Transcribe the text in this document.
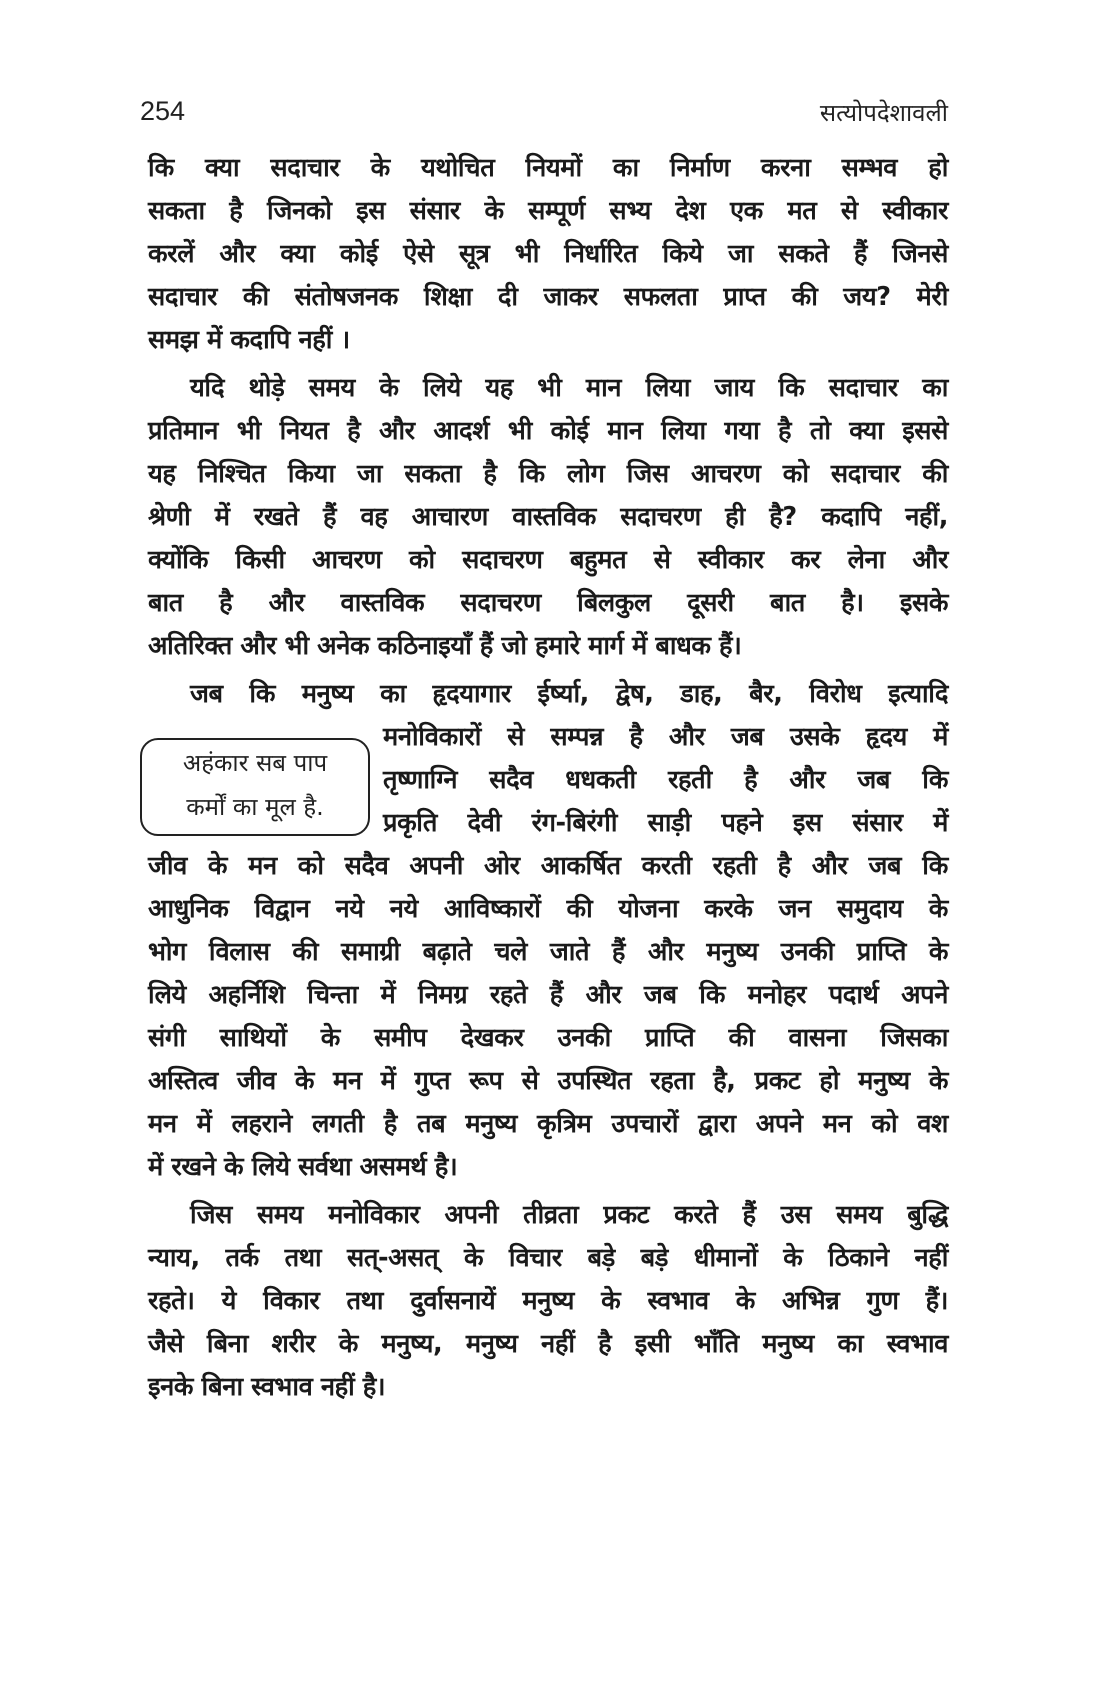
254	सत्योपदेशावली
कि क्या सदाचार के यथोचित नियमों का निर्माण करना सम्भव हो
सकता है जिनको इस संसार के सम्पूर्ण सभ्य देश एक मत से स्वीकार
करलें और क्या कोई ऐसे सूत्र भी निर्धारित किये जा सकते हैं जिनसे
सदाचार की संतोषजनक शिक्षा दी जाकर सफलता प्राप्त की जय? मेरी
समझ में कदापि नहीं ।
यदि थोड़े समय के लिये यह भी मान लिया जाय कि सदाचार का
प्रतिमान भी नियत है और आदर्श भी कोई मान लिया गया है तो क्या इससे
यह निश्चित किया जा सकता है कि लोग जिस आचरण को सदाचार की
श्रेणी में रखते हैं वह आचारण वास्तविक सदाचरण ही है? कदापि नहीं,
क्योंकि किसी आचरण को सदाचरण बहुमत से स्वीकार कर लेना और
बात है और वास्तविक सदाचरण बिलकुल दूसरी बात है। इसके
अतिरिक्त और भी अनेक कठिनाइयाँ हैं जो हमारे मार्ग में बाधक हैं।
जब कि मनुष्य का हृदयागार ईर्ष्या, द्वेष, डाह, बैर, विरोध इत्यादि
मनोविकारों से सम्पन्न है और जब उसके हृदय में
तृष्णाग्नि सदैव धधकती रहती है और जब कि
प्रकृति देवी रंग-बिरंगी साड़ी पहने इस संसार में
जीव के मन को सदैव अपनी ओर आकर्षित करती रहती है और जब कि
आधुनिक विद्वान नये नये आविष्कारों की योजना करके जन समुदाय के
भोग विलास की समाग्री बढ़ाते चले जाते हैं और मनुष्य उनकी प्राप्ति के
लिये अहर्निशि चिन्ता में निमग्र रहते हैं और जब कि मनोहर पदार्थ अपने
संगी साथियों के समीप देखकर उनकी प्राप्ति की वासना जिसका
अस्तित्व जीव के मन में गुप्त रूप से उपस्थित रहता है, प्रकट हो मनुष्य के
मन में लहराने लगती है तब मनुष्य कृत्रिम उपचारों द्वारा अपने मन को वश
में रखने के लिये सर्वथा असमर्थ है।
जिस समय मनोविकार अपनी तीव्रता प्रकट करते हैं उस समय बुद्धि
न्याय, तर्क तथा सत्-असत् के विचार बड़े बड़े धीमानों के ठिकाने नहीं
रहते। ये विकार तथा दुर्वासनायें मनुष्य के स्वभाव के अभिन्न गुण हैं।
जैसे बिना शरीर के मनुष्य, मनुष्य नहीं है इसी भाँति मनुष्य का स्वभाव
इनके बिना स्वभाव नहीं है।
अहंकार सब पाप
कर्मों का मूल है.
